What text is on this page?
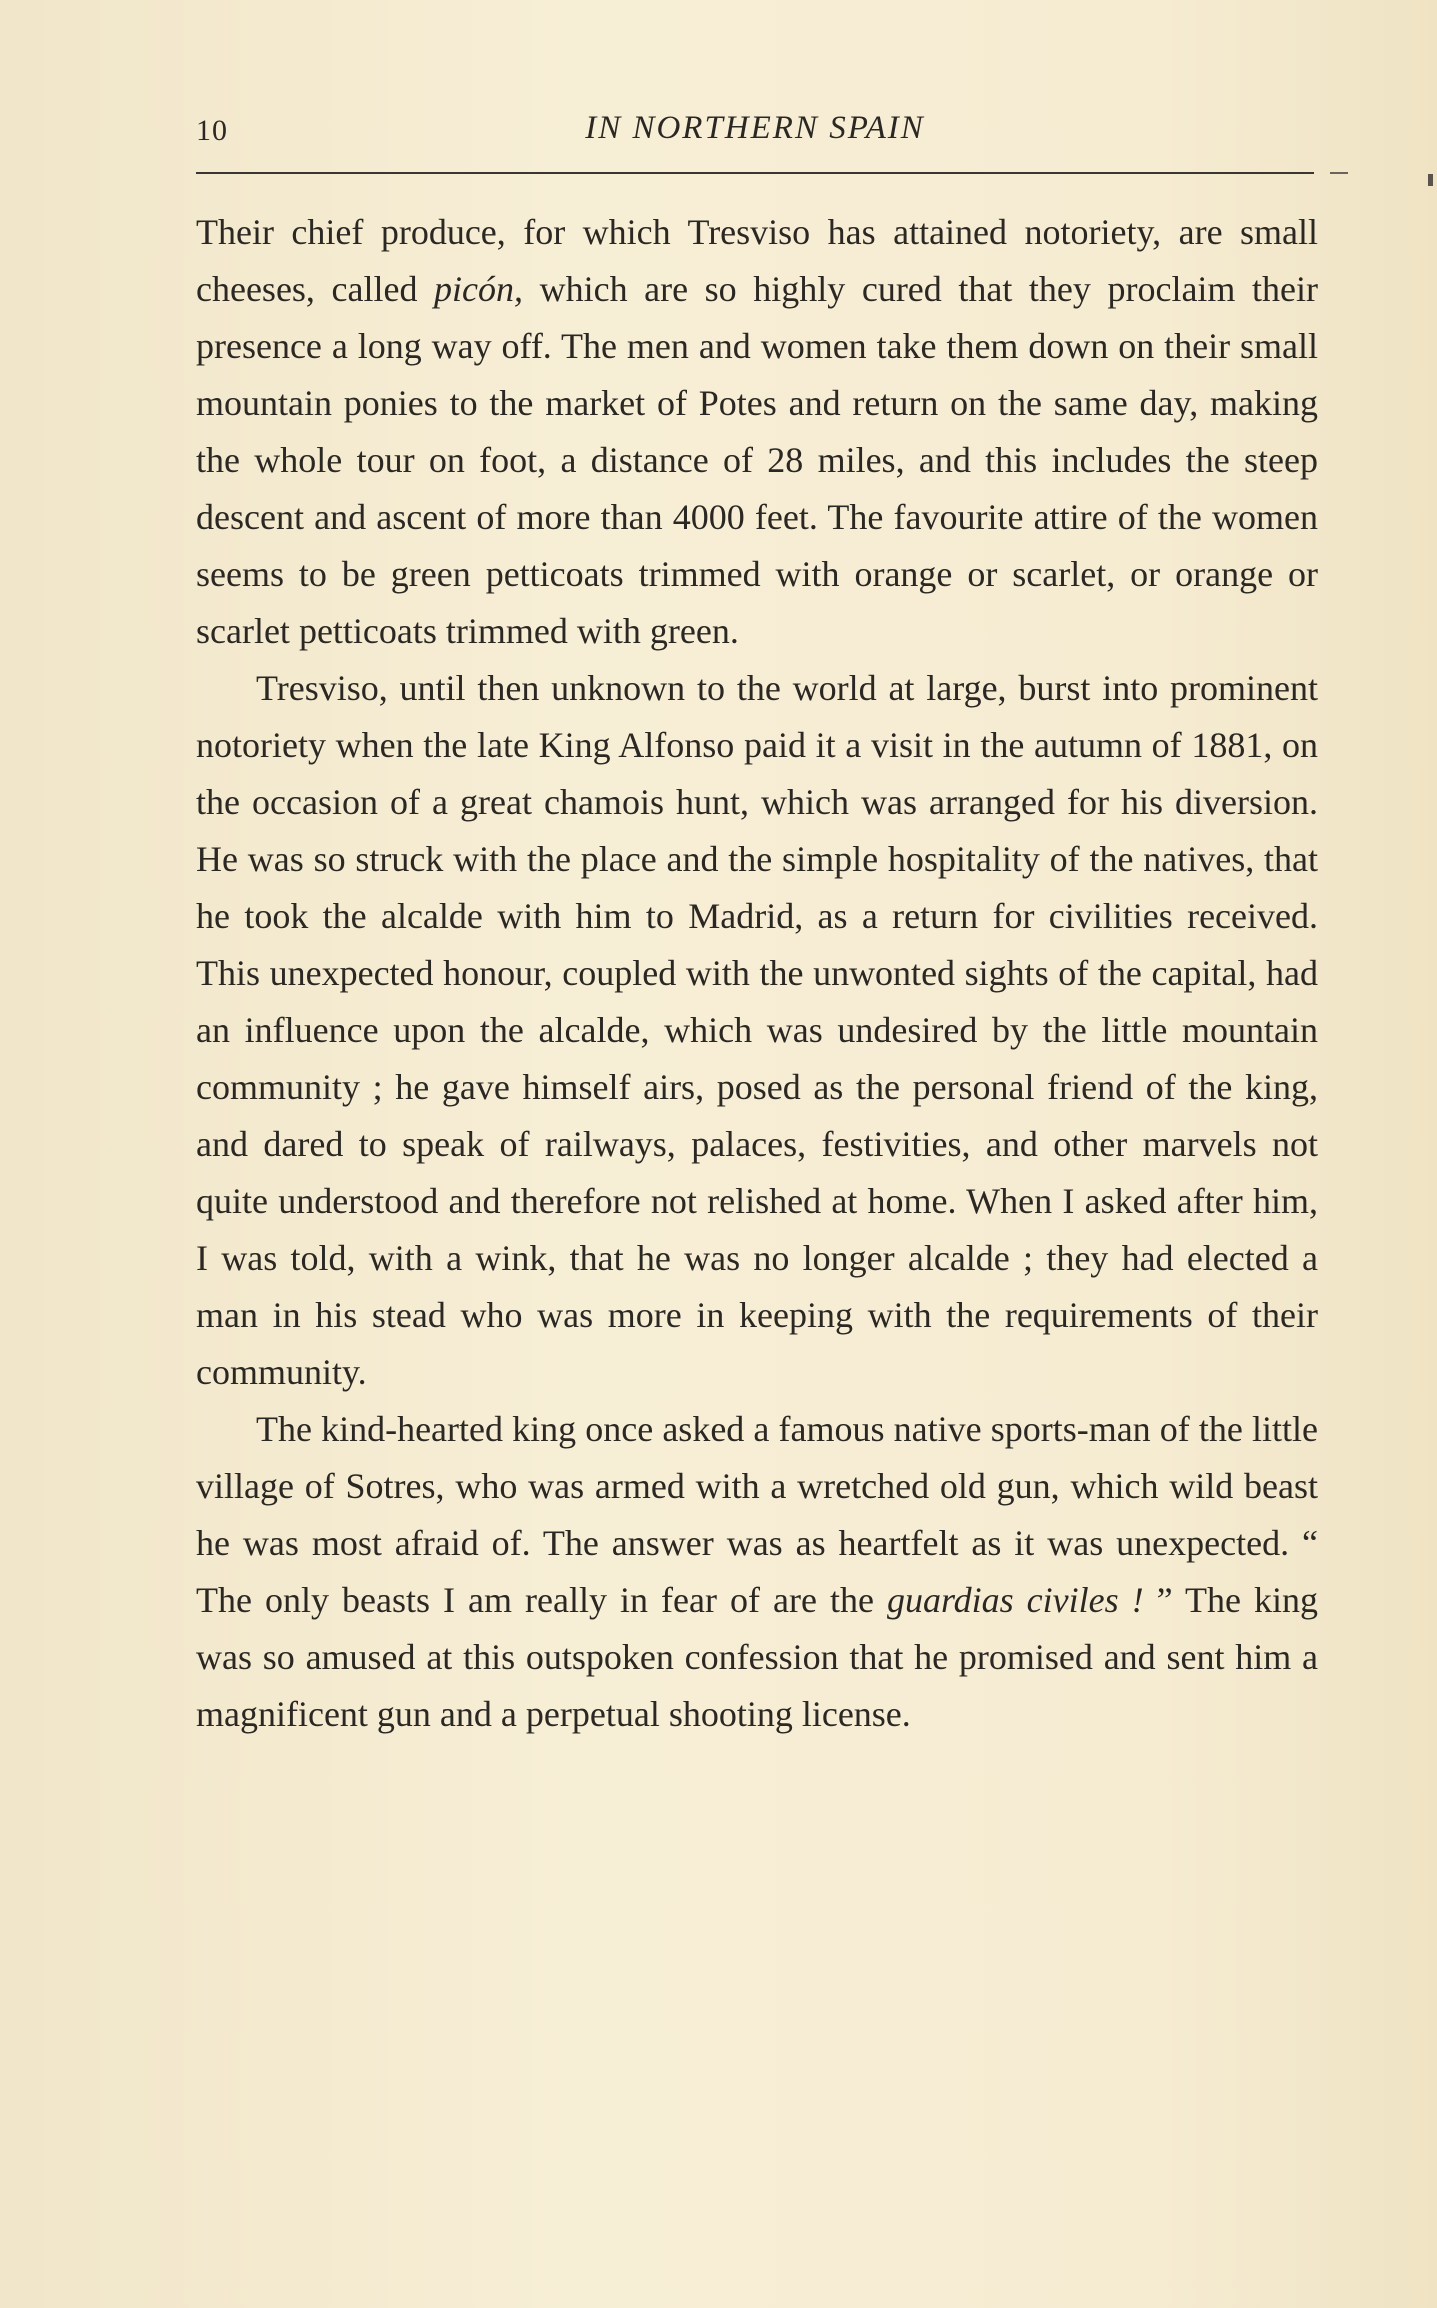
10	IN NORTHERN SPAIN

Their chief produce, for which Tresviso has attained notoriety, are small cheeses, called picón, which are so highly cured that they proclaim their presence a long way off. The men and women take them down on their small mountain ponies to the market of Potes and return on the same day, making the whole tour on foot, a distance of 28 miles, and this includes the steep descent and ascent of more than 4000 feet. The favourite attire of the women seems to be green petticoats trimmed with orange or scarlet, or orange or scarlet petticoats trimmed with green.

Tresviso, until then unknown to the world at large, burst into prominent notoriety when the late King Alfonso paid it a visit in the autumn of 1881, on the occasion of a great chamois hunt, which was arranged for his diversion. He was so struck with the place and the simple hospitality of the natives, that he took the alcalde with him to Madrid, as a return for civilities received. This unexpected honour, coupled with the unwonted sights of the capital, had an influence upon the alcalde, which was undesired by the little mountain community ; he gave himself airs, posed as the personal friend of the king, and dared to speak of railways, palaces, festivities, and other marvels not quite understood and therefore not relished at home. When I asked after him, I was told, with a wink, that he was no longer alcalde ; they had elected a man in his stead who was more in keeping with the requirements of their community.

The kind-hearted king once asked a famous native sports-man of the little village of Sotres, who was armed with a wretched old gun, which wild beast he was most afraid of. The answer was as heartfelt as it was unexpected. “ The only beasts I am really in fear of are the guardias civiles ! ” The king was so amused at this outspoken confession that he promised and sent him a magnificent gun and a perpetual shooting license.
